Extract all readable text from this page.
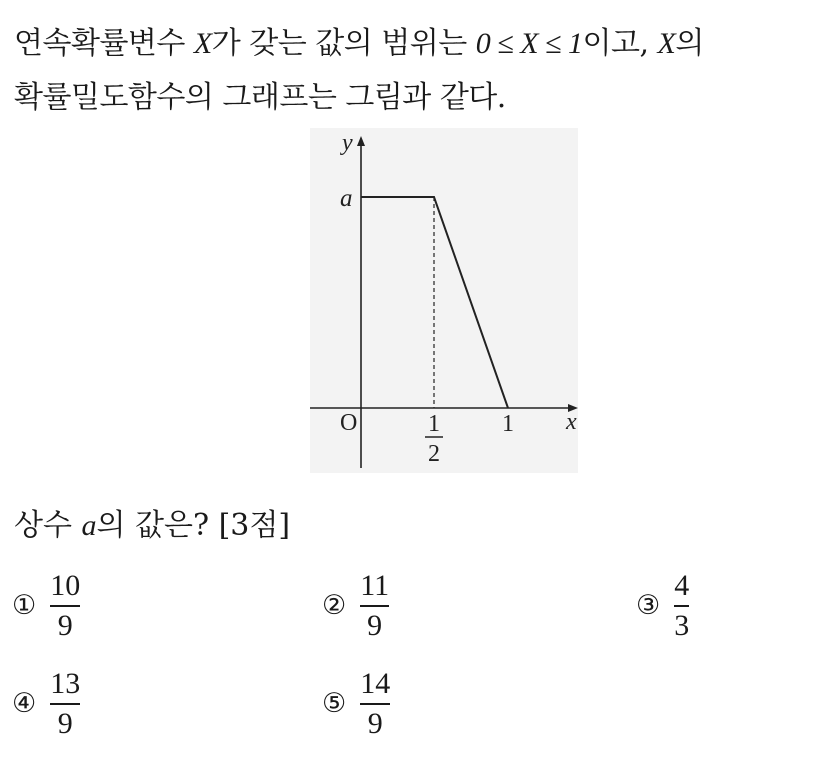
연속확률변수 X가 갖는 값의 범위는 0 ≤ X ≤ 1이고, X의
확률밀도함수의 그래프는 그림과 같다.
y
a
O	1
2
1 x
상수 a의 값은? [3점]
① $\frac{10}{9}$	② $\frac{11}{9}$	③ $\frac{4}{3}$
④ $\frac{13}{9}$	⑤ $\frac{14}{9}$
